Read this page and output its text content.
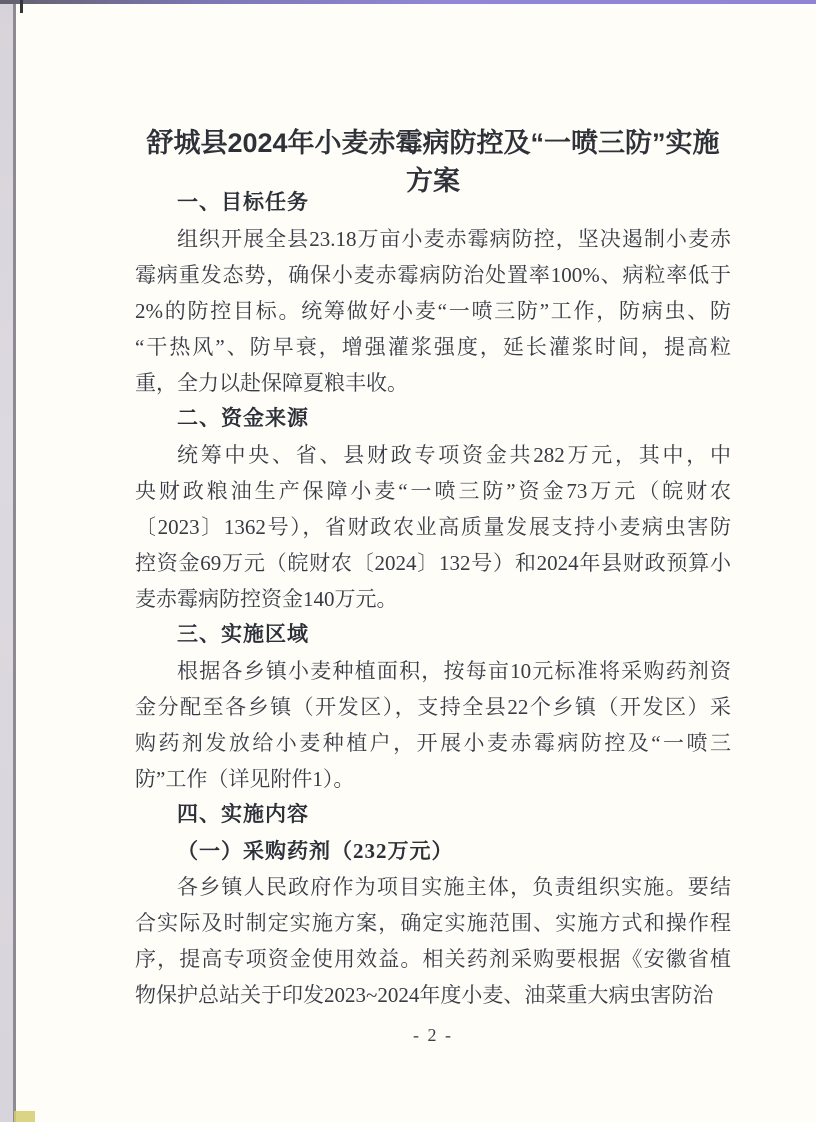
舒城县2024年小麦赤霉病防控及“一喷三防”实施方案
一、目标任务
组织开展全县23.18万亩小麦赤霉病防控，坚决遏制小麦赤
霉病重发态势，确保小麦赤霉病防治处置率100%、病粒率低于
2%的防控目标。统筹做好小麦“一喷三防”工作，防病虫、防
“干热风”、防早衰，增强灌浆强度，延长灌浆时间，提高粒
重，全力以赴保障夏粮丰收。
二、资金来源
统筹中央、省、县财政专项资金共282万元，其中，中
央财政粮油生产保障小麦“一喷三防”资金73万元（皖财农
〔2023〕1362号），省财政农业高质量发展支持小麦病虫害防
控资金69万元（皖财农〔2024〕132号）和2024年县财政预算小
麦赤霉病防控资金140万元。
三、实施区域
根据各乡镇小麦种植面积，按每亩10元标准将采购药剂资
金分配至各乡镇（开发区），支持全县22个乡镇（开发区）采
购药剂发放给小麦种植户，开展小麦赤霉病防控及“一喷三
防”工作（详见附件1）。
四、实施内容
（一）采购药剂（232万元）
各乡镇人民政府作为项目实施主体，负责组织实施。要结
合实际及时制定实施方案，确定实施范围、实施方式和操作程
序，提高专项资金使用效益。相关药剂采购要根据《安徽省植
物保护总站关于印发2023~2024年度小麦、油菜重大病虫害防治
- 2 -
